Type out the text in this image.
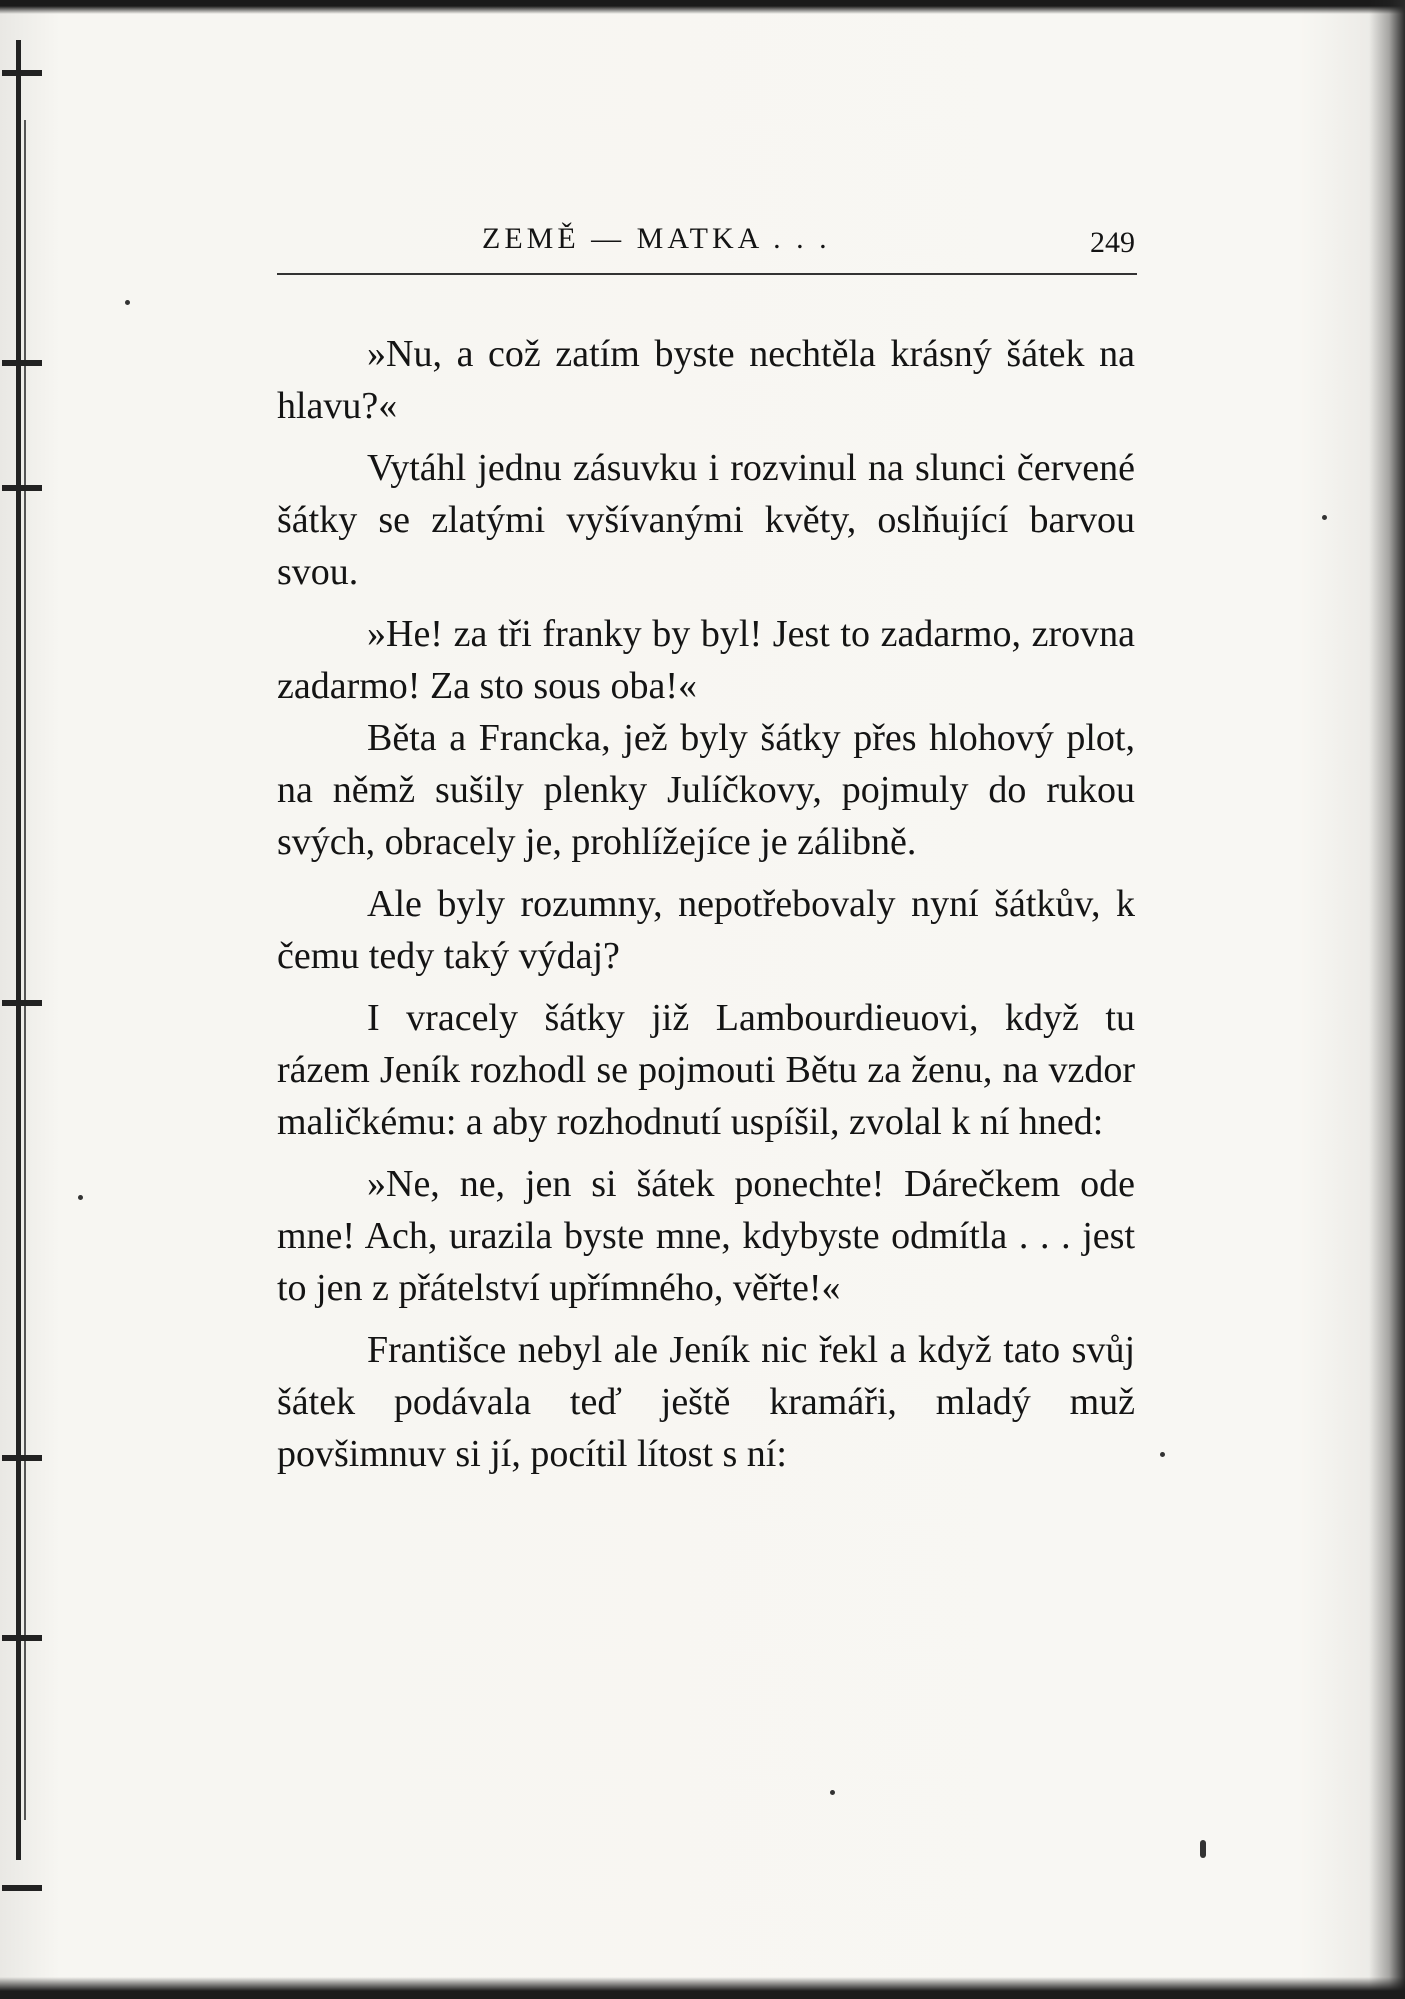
ZEMĚ — MATKA . . .	249

»Nu, a což zatím byste nechtěla krásný šátek na hlavu?«

Vytáhl jednu zásuvku i rozvinul na slunci červené šátky se zlatými vyšívanými květy, oslňující barvou svou.

»He! za tři franky by byl! Jest to zadarmo, zrovna zadarmo! Za sto sous oba!«

Běta a Francka, jež byly šátky přes hlohový plot, na němž sušily plenky Julíčkovy, pojmuly do rukou svých, obracely je, prohlížejíce je zálibně.

Ale byly rozumny, nepotřebovaly nyní šátkův, k čemu tedy taký výdaj?

I vracely šátky již Lambourdieuovi, když tu rázem Jeník rozhodl se pojmouti Bětu za ženu, na vzdor maličkému: a aby rozhodnutí uspíšil, zvolal k ní hned:

»Ne, ne, jen si šátek ponechte! Dárečkem ode mne! Ach, urazila byste mne, kdybyste odmítla . . . jest to jen z přátelství upřímného, věřte!«

Františce nebyl ale Jeník nic řekl a když tato svůj šátek podávala teď ještě kramáři, mladý muž povšimnuv si jí, pocítil lítost s ní:
